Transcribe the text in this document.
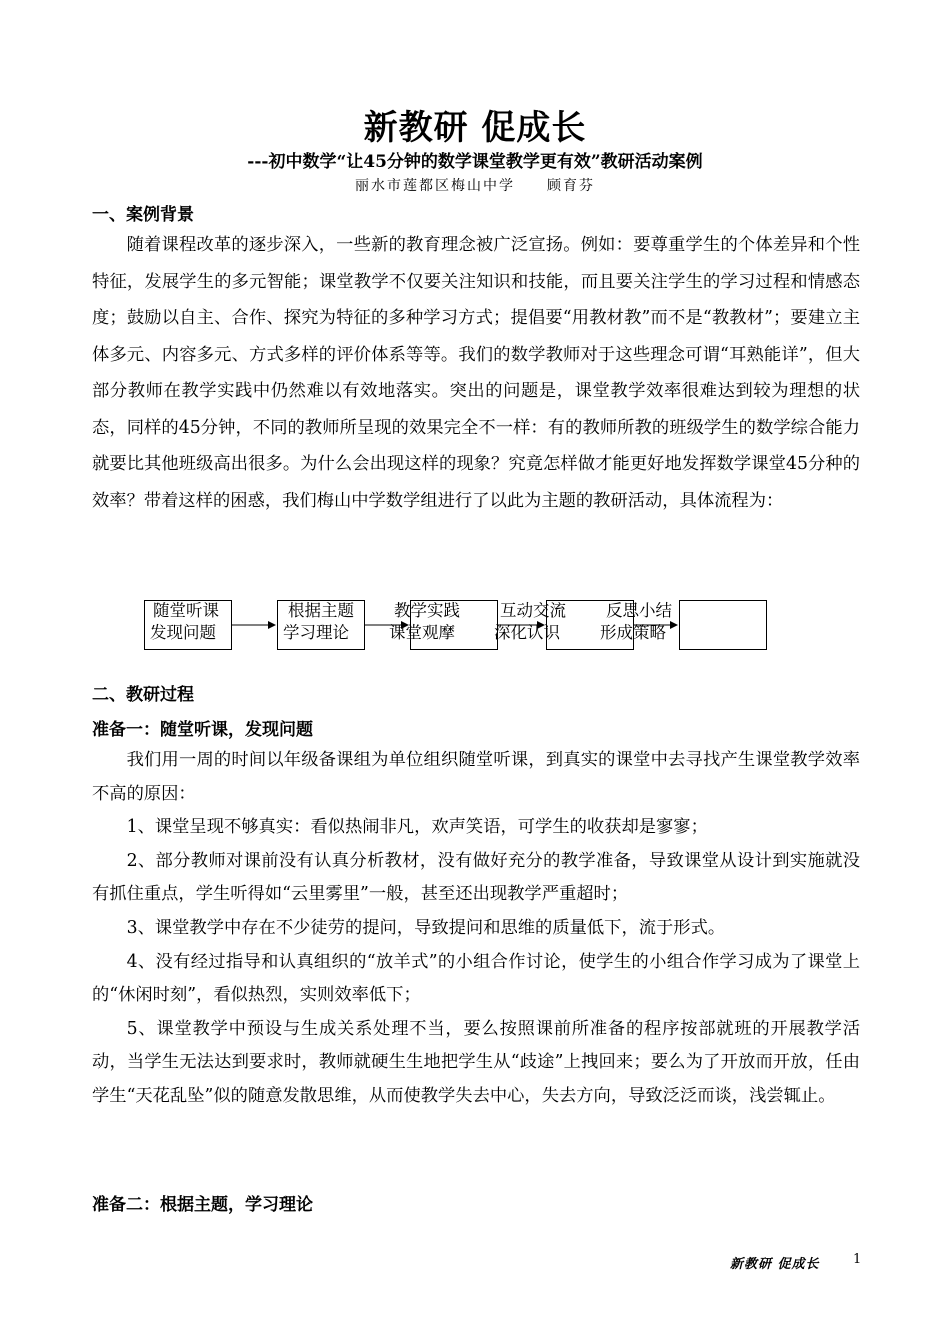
新教研 促成长
---初中数学“让45分钟的数学课堂教学更有效”教研活动案例
丽水市莲都区梅山中学　　顾育芬
一、案例背景

随着课程改革的逐步深入，一些新的教育理念被广泛宣扬。例如：要尊重学生的个体差异和个性特征，发展学生的多元智能；课堂教学不仅要关注知识和技能，而且要关注学生的学习过程和情感态度；鼓励以自主、合作、探究为特征的多种学习方式；提倡要“用教材教”而不是“教教材”；要建立主体多元、内容多元、方式多样的评价体系等等。我们的数学教师对于这些理念可谓“耳熟能详”，但大部分教师在教学实践中仍然难以有效地落实。突出的问题是，课堂教学效率很难达到较为理想的状态，同样的45分钟，不同的教师所呈现的效果完全不一样：有的教师所教的班级学生的数学综合能力就要比其他班级高出很多。为什么会出现这样的现象？究竟怎样做才能更好地发挥数学课堂45分种的效率？带着这样的困惑，我们梅山中学数学组进行了以此为主题的教研活动，具体流程为：

随堂听课
发现问题
根据主题
学习理论
教学实践
课堂观摩
互动交流
深化认识
反思小结
形成策略
二、教研过程
准备一：随堂听课，发现问题

我们用一周的时间以年级备课组为单位组织随堂听课，到真实的课堂中去寻找产生课堂教学效率不高的原因：

1、课堂呈现不够真实：看似热闹非凡，欢声笑语，可学生的收获却是寥寥；

2、部分教师对课前没有认真分析教材，没有做好充分的教学准备，导致课堂从设计到实施就没有抓住重点，学生听得如“云里雾里”一般，甚至还出现教学严重超时；

3、课堂教学中存在不少徒劳的提问，导致提问和思维的质量低下，流于形式。

4、没有经过指导和认真组织的“放羊式”的小组合作讨论，使学生的小组合作学习成为了课堂上的“休闲时刻”，看似热烈，实则效率低下；

5、课堂教学中预设与生成关系处理不当，要么按照课前所准备的程序按部就班的开展教学活动，当学生无法达到要求时，教师就硬生生地把学生从“歧途”上拽回来；要么为了开放而开放，任由学生“天花乱坠”似的随意发散思维，从而使教学失去中心，失去方向，导致泛泛而谈，浅尝辄止。

准备二：根据主题，学习理论
新教研 促成长	1
